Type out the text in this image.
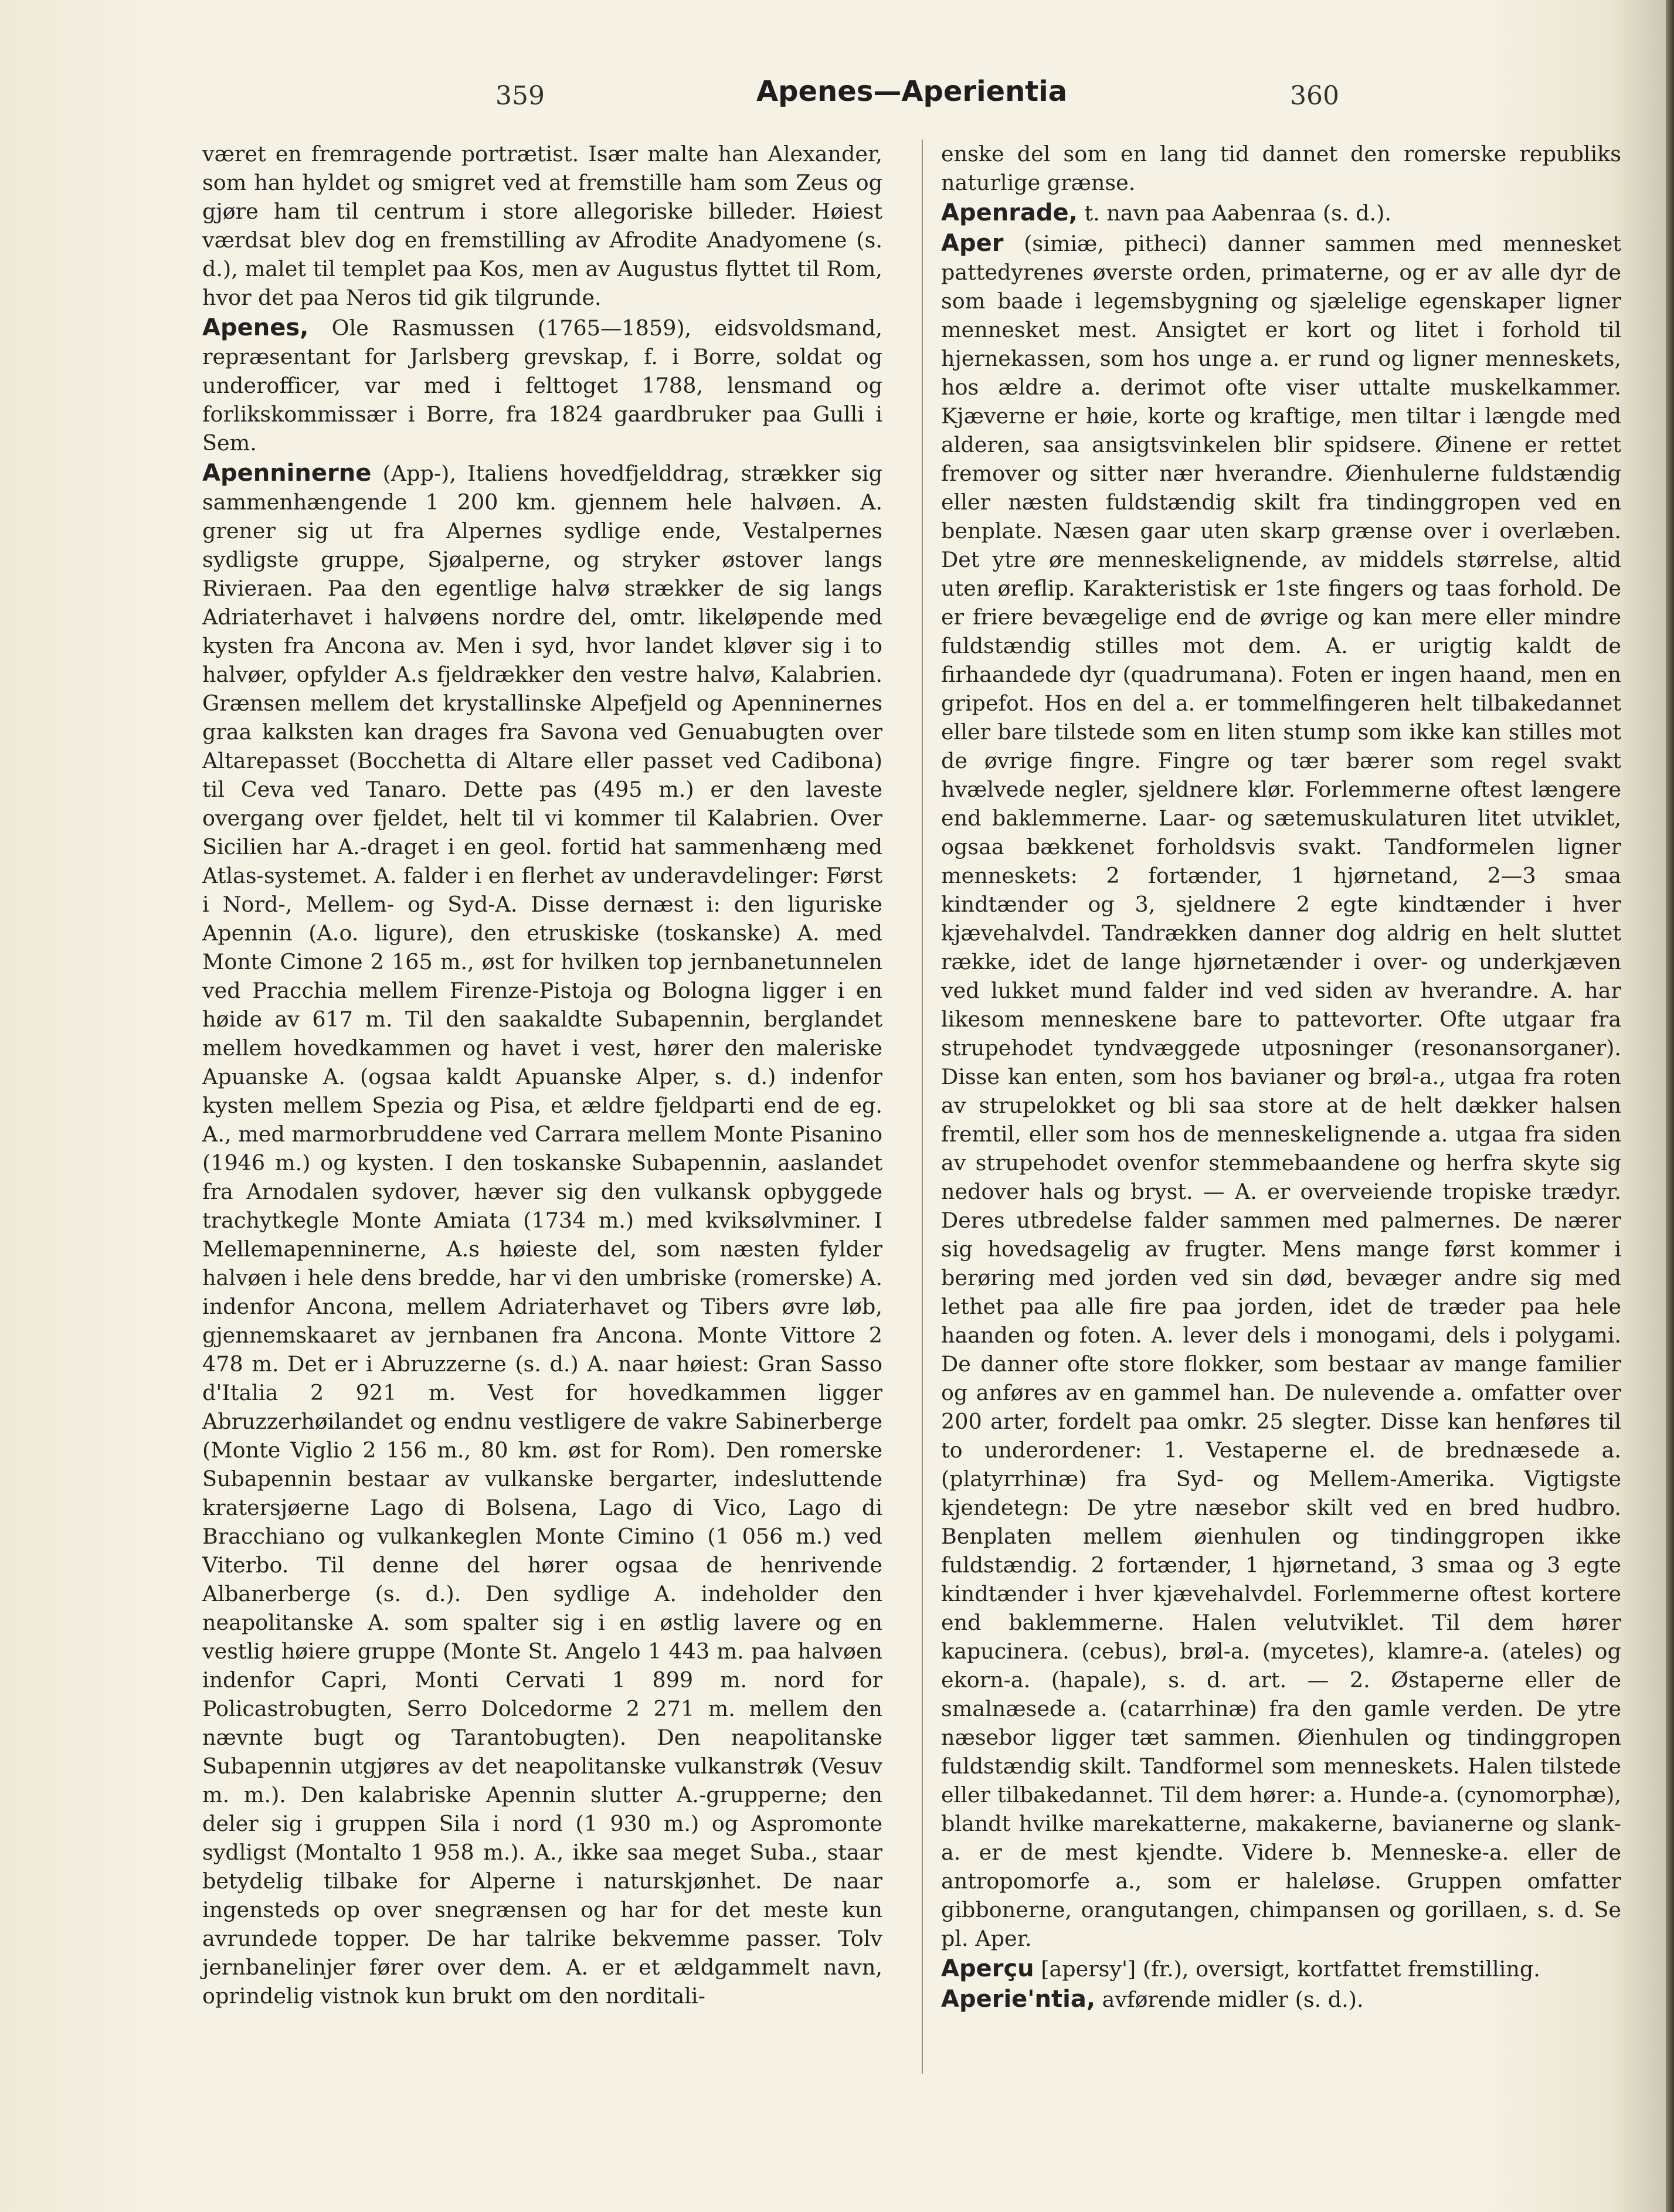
359	Apenes—Aperientia	360

været en fremragende portrætist. Især malte han Alexander, som han hyldet og smigret ved at fremstille ham som Zeus og gjøre ham til centrum i store allegoriske billeder. Høiest værdsat blev dog en fremstilling av Afrodite Anadyomene (s. d.), malet til templet paa Kos, men av Augustus flyttet til Rom, hvor det paa Neros tid gik tilgrunde.

Apenes, Ole Rasmussen (1765—1859), eidsvoldsmand, repræsentant for Jarlsberg grevskap, f. i Borre, soldat og underofficer, var med i felttoget 1788, lensmand og forlikskommissær i Borre, fra 1824 gaardbruker paa Gulli i Sem.

Apenninerne (App-), Italiens hovedfjelddrag, strækker sig sammenhængende 1 200 km. gjennem hele halvøen. A. grener sig ut fra Alpernes sydlige ende, Vestalpernes sydligste gruppe, Sjøalperne, og stryker østover langs Rivieraen. Paa den egentlige halvø strækker de sig langs Adriaterhavet i halvøens nordre del, omtr. likeløpende med kysten fra Ancona av. Men i syd, hvor landet kløver sig i to halvøer, opfylder A.s fjeldrækker den vestre halvø, Kalabrien. Grænsen mellem det krystallinske Alpefjeld og Apenninernes graa kalksten kan drages fra Savona ved Genuabugten over Altarepasset (Bocchetta di Altare eller passet ved Cadibona) til Ceva ved Tanaro. Dette pas (495 m.) er den laveste overgang over fjeldet, helt til vi kommer til Kalabrien. Over Sicilien har A.-draget i en geol. fortid hat sammenhæng med Atlas-systemet. A. falder i en flerhet av underavdelinger: Først i Nord-, Mellem- og Syd-A. Disse dernæst i: den liguriske Apennin (A.o. ligure), den etruskiske (toskanske) A. med Monte Cimone 2 165 m., øst for hvilken top jernbanetunnelen ved Pracchia mellem Firenze-Pistoja og Bologna ligger i en høide av 617 m. Til den saakaldte Subapennin, berglandet mellem hovedkammen og havet i vest, hører den maleriske Apuanske A. (ogsaa kaldt Apuanske Alper, s. d.) indenfor kysten mellem Spezia og Pisa, et ældre fjeldparti end de eg. A., med marmorbruddene ved Carrara mellem Monte Pisanino (1946 m.) og kysten. I den toskanske Subapennin, aaslandet fra Arnodalen sydover, hæver sig den vulkansk opbyggede trachytkegle Monte Amiata (1734 m.) med kviksølvminer. I Mellemapenninerne, A.s høieste del, som næsten fylder halvøen i hele dens bredde, har vi den umbriske (romerske) A. indenfor Ancona, mellem Adriaterhavet og Tibers øvre løb, gjennemskaaret av jernbanen fra Ancona. Monte Vittore 2 478 m. Det er i Abruzzerne (s. d.) A. naar høiest: Gran Sasso d'Italia 2 921 m. Vest for hovedkammen ligger Abruzzerhøilandet og endnu vestligere de vakre Sabinerberge (Monte Viglio 2 156 m., 80 km. øst for Rom). Den romerske Subapennin bestaar av vulkanske bergarter, indesluttende kratersjøerne Lago di Bolsena, Lago di Vico, Lago di Bracchiano og vulkankeglen Monte Cimino (1 056 m.) ved Viterbo. Til denne del hører ogsaa de henrivende Albanerberge (s. d.). Den sydlige A. indeholder den neapolitanske A. som spalter sig i en østlig lavere og en vestlig høiere gruppe (Monte St. Angelo 1 443 m. paa halvøen indenfor Capri, Monti Cervati 1 899 m. nord for Policastrobugten, Serro Dolcedorme 2 271 m. mellem den nævnte bugt og Tarantobugten). Den neapolitanske Subapennin utgjøres av det neapolitanske vulkanstrøk (Vesuv m. m.). Den kalabriske Apennin slutter A.-grupperne; den deler sig i gruppen Sila i nord (1 930 m.) og Aspromonte sydligst (Montalto 1 958 m.). A., ikke saa meget Suba., staar betydelig tilbake for Alperne i naturskjønhet. De naar ingensteds op over snegrænsen og har for det meste kun avrundede topper. De har talrike bekvemme passer. Tolv jernbanelinjer fører over dem. A. er et ældgammelt navn, oprindelig vistnok kun brukt om den norditali-

enske del som en lang tid dannet den romerske republiks naturlige grænse.

Apenrade, t. navn paa Aabenraa (s. d.).

Aper (simiæ, pitheci) danner sammen med mennesket pattedyrenes øverste orden, primaterne, og er av alle dyr de som baade i legemsbygning og sjælelige egenskaper ligner mennesket mest. Ansigtet er kort og litet i forhold til hjernekassen, som hos unge a. er rund og ligner menneskets, hos ældre a. derimot ofte viser uttalte muskelkammer. Kjæverne er høie, korte og kraftige, men tiltar i længde med alderen, saa ansigtsvinkelen blir spidsere. Øinene er rettet fremover og sitter nær hverandre. Øienhulerne fuldstændig eller næsten fuldstændig skilt fra tindinggropen ved en benplate. Næsen gaar uten skarp grænse over i overlæben. Det ytre øre menneskelignende, av middels størrelse, altid uten øreflip. Karakteristisk er 1ste fingers og taas forhold. De er friere bevægelige end de øvrige og kan mere eller mindre fuldstændig stilles mot dem. A. er urigtig kaldt de firhaandede dyr (quadrumana). Foten er ingen haand, men en gripefot. Hos en del a. er tommelfingeren helt tilbakedannet eller bare tilstede som en liten stump som ikke kan stilles mot de øvrige fingre. Fingre og tær bærer som regel svakt hvælvede negler, sjeldnere klør. Forlemmerne oftest længere end baklemmerne. Laar- og sætemuskulaturen litet utviklet, ogsaa bækkenet forholdsvis svakt. Tandformelen ligner menneskets: 2 fortænder, 1 hjørnetand, 2—3 smaa kindtænder og 3, sjeldnere 2 egte kindtænder i hver kjævehalvdel. Tandrækken danner dog aldrig en helt sluttet række, idet de lange hjørnetænder i over- og underkjæven ved lukket mund falder ind ved siden av hverandre. A. har likesom menneskene bare to pattevorter. Ofte utgaar fra strupehodet tyndvæggede utposninger (resonansorganer). Disse kan enten, som hos bavianer og brøl-a., utgaa fra roten av strupelokket og bli saa store at de helt dækker halsen fremtil, eller som hos de menneskelignende a. utgaa fra siden av strupehodet ovenfor stemmebaandene og herfra skyte sig nedover hals og bryst. — A. er overveiende tropiske trædyr. Deres utbredelse falder sammen med palmernes. De nærer sig hovedsagelig av frugter. Mens mange først kommer i berøring med jorden ved sin død, bevæger andre sig med lethet paa alle fire paa jorden, idet de træder paa hele haanden og foten. A. lever dels i monogami, dels i polygami. De danner ofte store flokker, som bestaar av mange familier og anføres av en gammel han. De nulevende a. omfatter over 200 arter, fordelt paa omkr. 25 slegter. Disse kan henføres til to underordener: 1. Vestaperne el. de brednæsede a. (platyrrhinæ) fra Syd- og Mellem-Amerika. Vigtigste kjendetegn: De ytre næsebor skilt ved en bred hudbro. Benplaten mellem øienhulen og tindinggropen ikke fuldstændig. 2 fortænder, 1 hjørnetand, 3 smaa og 3 egte kindtænder i hver kjævehalvdel. Forlemmerne oftest kortere end baklemmerne. Halen velutviklet. Til dem hører kapucinera. (cebus), brøl-a. (mycetes), klamre-a. (ateles) og ekorn-a. (hapale), s. d. art. — 2. Østaperne eller de smalnæsede a. (catarrhinæ) fra den gamle verden. De ytre næsebor ligger tæt sammen. Øienhulen og tindinggropen fuldstændig skilt. Tandformel som menneskets. Halen tilstede eller tilbakedannet. Til dem hører: a. Hunde-a. (cynomorphæ), blandt hvilke marekatterne, makakerne, bavianerne og slank-a. er de mest kjendte. Videre b. Menneske-a. eller de antropomorfe a., som er haleløse. Gruppen omfatter gibbonerne, orangutangen, chimpansen og gorillaen, s. d. Se pl. Aper.

Aperçu [apersy'] (fr.), oversigt, kortfattet fremstilling.

Aperie'ntia, avførende midler (s. d.).
